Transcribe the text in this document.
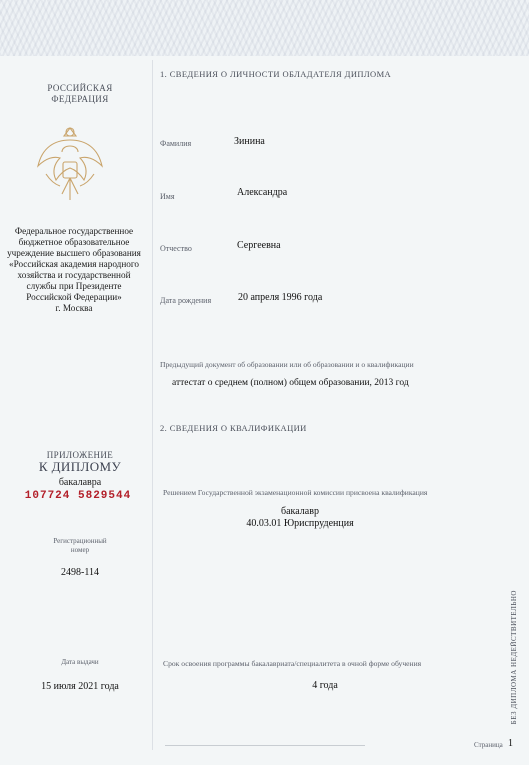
РОССИЙСКАЯ
ФЕДЕРАЦИЯ
Федеральное государственное
бюджетное образовательное
учреждение высшего образования
«Российская академия народного
хозяйства и государственной
службы при Президенте
Российской Федерации»
г. Москва
ПРИЛОЖЕНИЕ
К ДИПЛОМУ
бакалавра
107724 5829544
Регистрационный
номер
2498-114
Дата выдачи
15 июля 2021 года
1. СВЕДЕНИЯ О ЛИЧНОСТИ ОБЛАДАТЕЛЯ ДИПЛОМА
Фамилия	Зинина
Имя	Александра
Отчество	Сергеевна
Дата рождения	20 апреля 1996 года
Предыдущий документ об образовании или об образовании и о квалификации
аттестат о среднем (полном) общем образовании, 2013 год
2. СВЕДЕНИЯ О КВАЛИФИКАЦИИ
Решением Государственной экзаменационной комиссии присвоена квалификация
бакалавр
40.03.01 Юриспруденция
Срок освоения программы бакалавриата/специалитета в очной форме обучения
4 года	БЕЗ ДИПЛОМА НЕДЕЙСТВИТЕЛЬНО
Страница 1
